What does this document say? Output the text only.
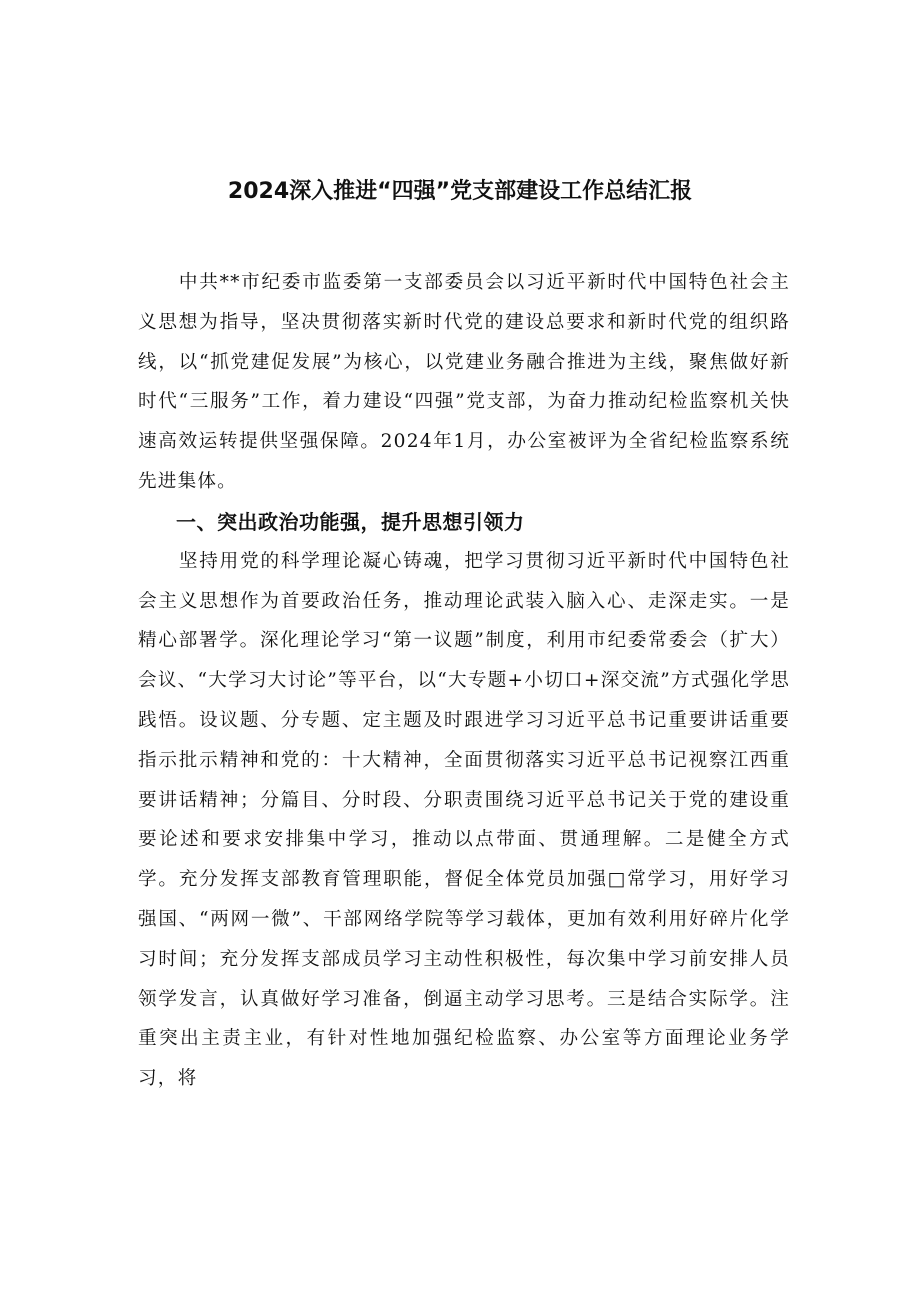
2024深入推进“四强”党支部建设工作总结汇报

中共**市纪委市监委第一支部委员会以习近平新时代中国特色社会主义思想为指导，坚决贯彻落实新时代党的建设总要求和新时代党的组织路线，以“抓党建促发展”为核心，以党建业务融合推进为主线，聚焦做好新时代“三服务”工作，着力建设“四强”党支部，为奋力推动纪检监察机关快速高效运转提供坚强保障。2024年1月，办公室被评为全省纪检监察系统先进集体。

一、突出政治功能强，提升思想引领力

坚持用党的科学理论凝心铸魂，把学习贯彻习近平新时代中国特色社会主义思想作为首要政治任务，推动理论武装入脑入心、走深走实。一是精心部署学。深化理论学习“第一议题”制度，利用市纪委常委会（扩大）会议、“大学习大讨论”等平台，以“大专题+小切口+深交流”方式强化学思践悟。设议题、分专题、定主题及时跟进学习习近平总书记重要讲话重要指示批示精神和党的：十大精神，全面贯彻落实习近平总书记视察江西重要讲话精神；分篇目、分时段、分职责围绕习近平总书记关于党的建设重要论述和要求安排集中学习，推动以点带面、贯通理解。二是健全方式学。充分发挥支部教育管理职能，督促全体党员加强□常学习，用好学习强国、“两网一微”、干部网络学院等学习载体，更加有效利用好碎片化学习时间；充分发挥支部成员学习主动性积极性，每次集中学习前安排人员领学发言，认真做好学习准备，倒逼主动学习思考。三是结合实际学。注重突出主责主业，有针对性地加强纪检监察、办公室等方面理论业务学习，将
